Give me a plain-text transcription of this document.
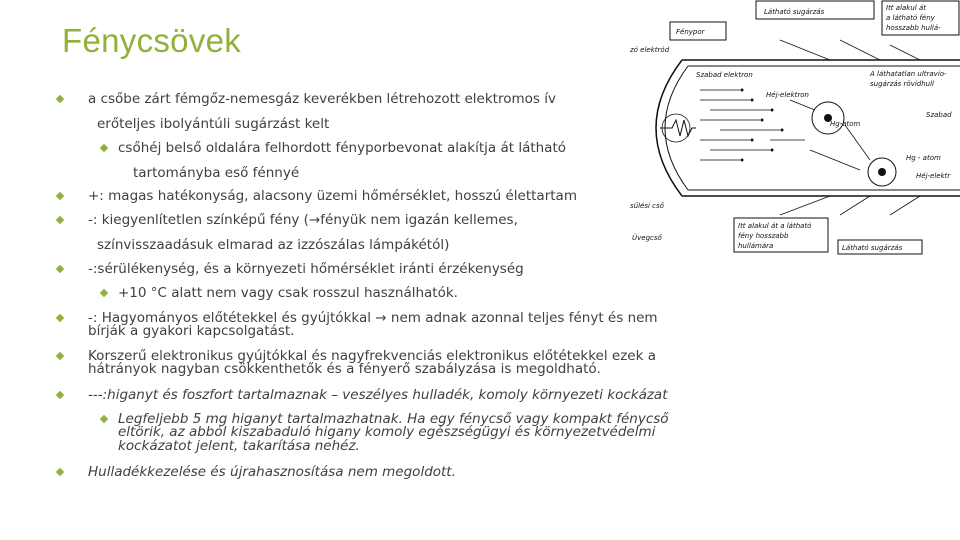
Fénycsövek
a csőbe zárt fémgőz-nemesgáz keverékben létrehozott elektromos ív
erőteljes ibolyántúli sugárzást kelt
csőhéj belső oldalára felhordott fényporbevonat alakítja át látható
tartományba eső fénnyé
+: magas hatékonyság, alacsony üzemi hőmérséklet, hosszú élettartam
-: kiegyenlítetlen színképű fény (→fényük nem igazán kellemes,
színvisszaadásuk elmarad az izzószálas lámpákétól)
-:sérülékenység, és a környezeti hőmérséklet iránti érzékenység
+10 °C alatt nem vagy csak rosszul használhatók.
-: Hagyományos előtétekkel és gyújtókkal → nem adnak azonnal teljes fényt és nem
bírják a gyakori kapcsolgatást.
Korszerű elektronikus gyújtókkal és nagyfrekvenciás elektronikus előtétekkel ezek a
hátrányok nagyban csökkenthetők és a fényerő szabályzása is megoldható.
---:higanyt és foszfort tartalmaznak – veszélyes hulladék, komoly környezeti kockázat
Legfeljebb 5 mg higanyt tartalmazhatnak. Ha egy fénycső vagy kompakt fénycső
eltörik, az abból kiszabaduló higany komoly egészségügyi és környezetvédelmi
kockázatot jelent, takarítása nehéz.
Hulladékkezelése és újrahasznosítása nem megoldott.
Látható sugárzás	Itt alakul át
a látható fény
hosszabb hullá-
Fénypor
zó elektród
Szabad elektron
Héj-elektron
A láthatatlan ultravio-
sugárzás rövidhull
Szabad
Hg-atom
Hg - atom
Héj-elektr
sűlési cső
Üvegcső
Itt alakul át a látható
fény hosszabb
hullámára	Látható sugárzás
